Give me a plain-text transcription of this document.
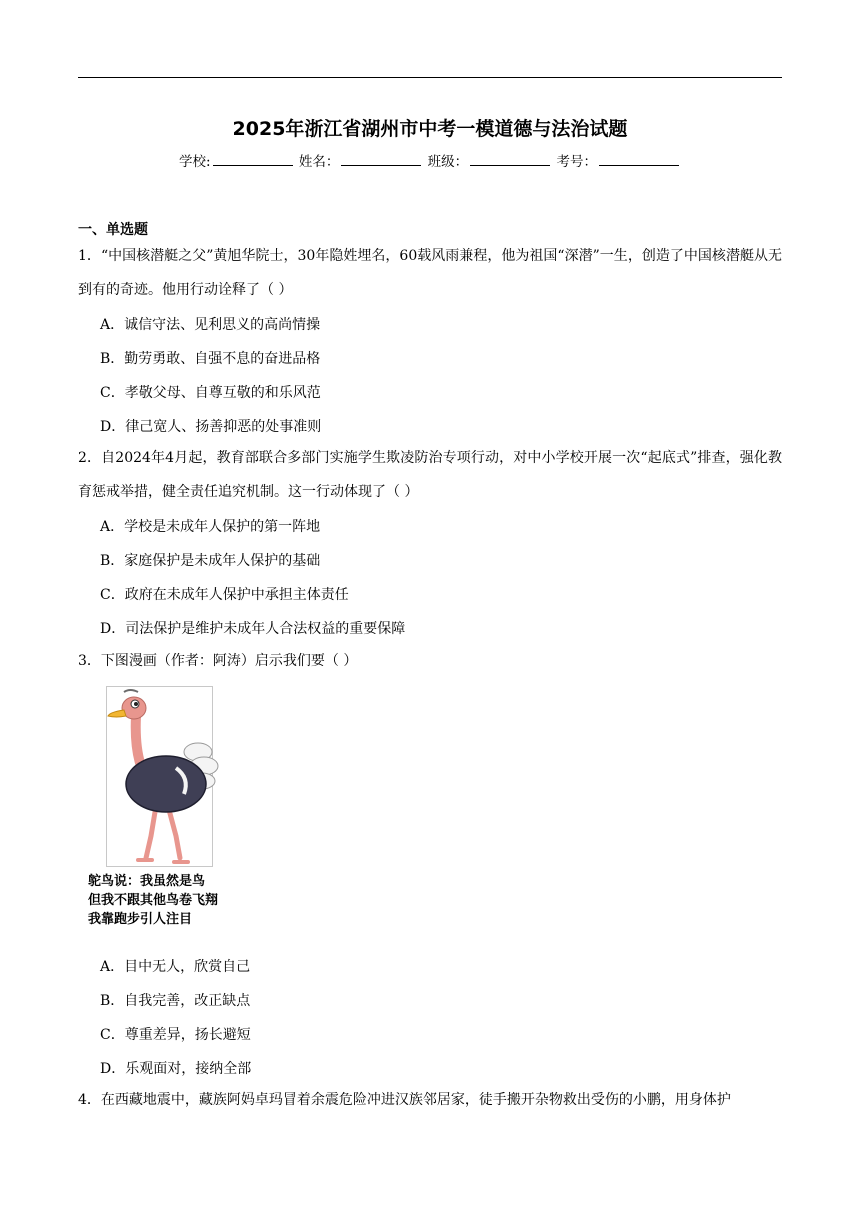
2025年浙江省湖州市中考一模道德与法治试题
学校:	姓名：	班级：	考号：
一、单选题
1．“中国核潜艇之父”黄旭华院士，30年隐姓埋名，60载风雨兼程，他为祖国“深潜”一生，创造了中国核潜艇从无到有的奇迹。他用行动诠释了（ ）
A．诚信守法、见利思义的高尚情操
B．勤劳勇敢、自强不息的奋进品格
C．孝敬父母、自尊互敬的和乐风范
D．律己宽人、扬善抑恶的处事准则
2．自2024年4月起，教育部联合多部门实施学生欺凌防治专项行动，对中小学校开展一次“起底式”排查，强化教育惩戒举措，健全责任追究机制。这一行动体现了（ ）
A．学校是未成年人保护的第一阵地
B．家庭保护是未成年人保护的基础
C．政府在未成年人保护中承担主体责任
D．司法保护是维护未成年人合法权益的重要保障
3．下图漫画（作者：阿涛）启示我们要（ ）
鸵鸟说：我虽然是鸟
但我不跟其他鸟卷飞翔
我靠跑步引人注目
A．目中无人，欣赏自己
B．自我完善，改正缺点
C．尊重差异，扬长避短
D．乐观面对，接纳全部
4．在西藏地震中，藏族阿妈卓玛冒着余震危险冲进汉族邻居家，徒手搬开杂物救出受伤的小鹏，用身体护
